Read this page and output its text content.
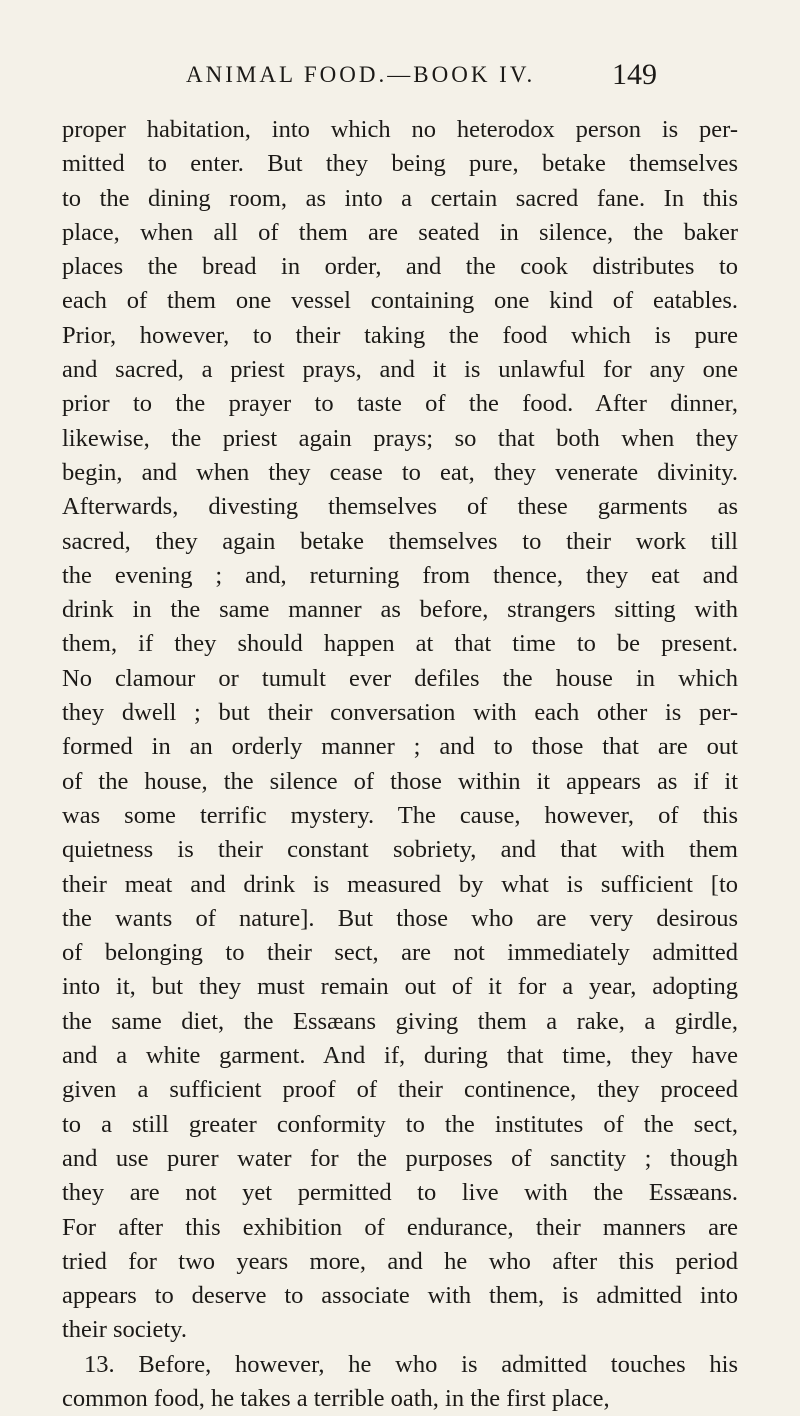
ANIMAL FOOD.—BOOK IV.	149
proper habitation, into which no heterodox person is per-
mitted to enter. But they being pure, betake themselves
to the dining room, as into a certain sacred fane. In this
place, when all of them are seated in silence, the baker
places the bread in order, and the cook distributes to
each of them one vessel containing one kind of eatables.
Prior, however, to their taking the food which is pure
and sacred, a priest prays, and it is unlawful for any one
prior to the prayer to taste of the food. After dinner,
likewise, the priest again prays; so that both when they
begin, and when they cease to eat, they venerate divinity.
Afterwards, divesting themselves of these garments as
sacred, they again betake themselves to their work till
the evening ; and, returning from thence, they eat and
drink in the same manner as before, strangers sitting with
them, if they should happen at that time to be present.
No clamour or tumult ever defiles the house in which
they dwell ; but their conversation with each other is per-
formed in an orderly manner ; and to those that are out
of the house, the silence of those within it appears as if it
was some terrific mystery. The cause, however, of this
quietness is their constant sobriety, and that with them
their meat and drink is measured by what is sufficient [to
the wants of nature]. But those who are very desirous
of belonging to their sect, are not immediately admitted
into it, but they must remain out of it for a year, adopting
the same diet, the Essæans giving them a rake, a girdle,
and a white garment. And if, during that time, they have
given a sufficient proof of their continence, they proceed
to a still greater conformity to the institutes of the sect,
and use purer water for the purposes of sanctity ; though
they are not yet permitted to live with the Essæans.
For after this exhibition of endurance, their manners are
tried for two years more, and he who after this period
appears to deserve to associate with them, is admitted into
their society.
13. Before, however, he who is admitted touches his
common food, he takes a terrible oath, in the first place,
